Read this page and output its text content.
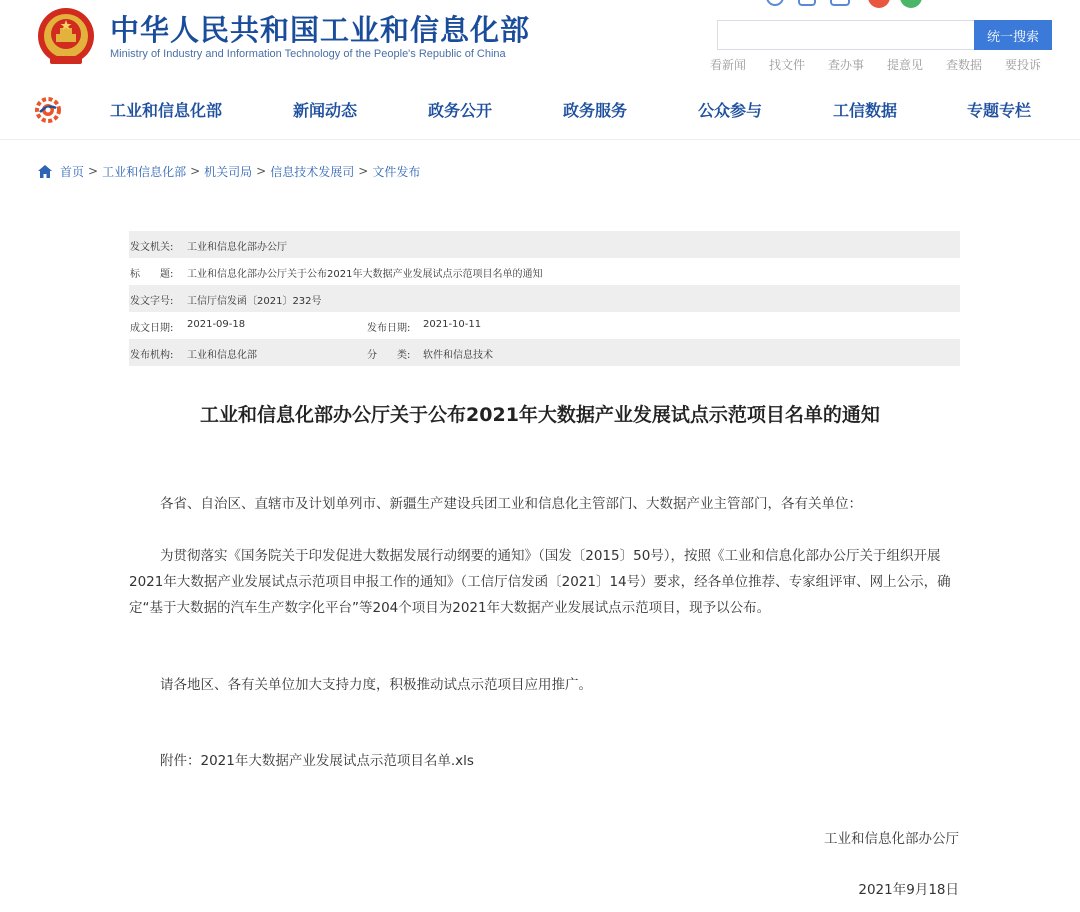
中华人民共和国工业和信息化部
Ministry of Industry and Information Technology of the People's Republic of China
统一搜索
看新闻 找文件 查办事 提意见 查数据 要投诉
工业和信息化部	新闻动态	政务公开	政务服务	公众参与	工信数据	专题专栏
首页 > 工业和信息化部 > 机关司局 > 信息技术发展司 > 文件发布
发文机关: 工业和信息化部办公厅
标　　题: 工业和信息化部办公厅关于公布2021年大数据产业发展试点示范项目名单的通知
发文字号: 工信厅信发函〔2021〕232号
成文日期: 2021-09-18	发布日期: 2021-10-11
发布机构: 工业和信息化部	分　　类: 软件和信息技术
工业和信息化部办公厅关于公布2021年大数据产业发展试点示范项目名单的通知

各省、自治区、直辖市及计划单列市、新疆生产建设兵团工业和信息化主管部门、大数据产业主管部门，各有关单位：

为贯彻落实《国务院关于印发促进大数据发展行动纲要的通知》（国发〔2015〕50号），按照《工业和信息化部办公厅关于组织开展2021年大数据产业发展试点示范项目申报工作的通知》（工信厅信发函〔2021〕14号）要求，经各单位推荐、专家组评审、网上公示，确定“基于大数据的汽车生产数字化平台”等204个项目为2021年大数据产业发展试点示范项目，现予以公布。

请各地区、各有关单位加大支持力度，积极推动试点示范项目应用推广。

附件：2021年大数据产业发展试点示范项目名单.xls

工业和信息化部办公厅

2021年9月18日
